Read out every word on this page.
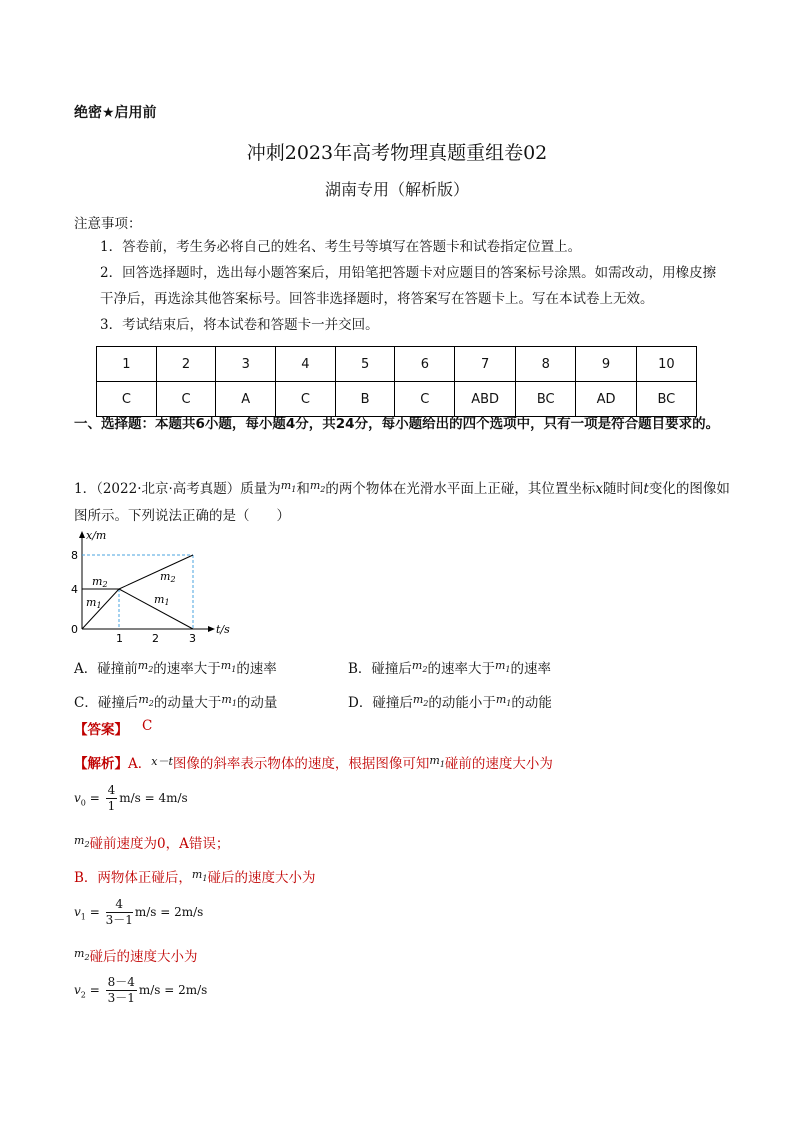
绝密★启用前
冲刺2023年高考物理真题重组卷02
湖南专用（解析版）
注意事项：
1．答卷前，考生务必将自己的姓名、考生号等填写在答题卡和试卷指定位置上。
2．回答选择题时，选出每小题答案后，用铅笔把答题卡对应题目的答案标号涂黑。如需改动，用橡皮擦干净后，再选涂其他答案标号。回答非选择题时，将答案写在答题卡上。写在本试卷上无效。
3．考试结束后，将本试卷和答题卡一并交回。
1	2	3	4	5	6	7	8	9	10
C	C	A	C	B	C	ABD	BC	AD	BC
一、选择题：本题共6小题，每小题4分，共24分，每小题给出的四个选项中，只有一项是符合题目要求的。
1．（2022·北京·高考真题）质量为$^{m_1}$和$^{m_2}$的两个物体在光滑水平面上正碰，其位置坐标x随时间t变化的图像如图所示。下列说法正确的是（　　）
x/m
t/s
8
4
0
1	2	3
m2
m1
m2
m1
A．碰撞前$^{m_2}$的速率大于$^{m_1}$的速率	B．碰撞后$^{m_2}$的速率大于$^{m_1}$的速率
C．碰撞后$^{m_2}$的动量大于$^{m_1}$的动量	D．碰撞后$^{m_2}$的动能小于$^{m_1}$的动能
【答案】 C
【解析】A．$^{x-t}$图像的斜率表示物体的速度，根据图像可知$^{m_1}$碰前的速度大小为
$v_0 = \frac{4}{1} m/s = 4m/s$
$^{m_2}$碰前速度为0，A错误；
B．两物体正碰后，$^{m_1}$碰后的速度大小为
$v_1 = \frac{4}{3-1} m/s = 2m/s$
$^{m_2}$碰后的速度大小为
$v_2 = \frac{8-4}{3-1} m/s = 2m/s$
